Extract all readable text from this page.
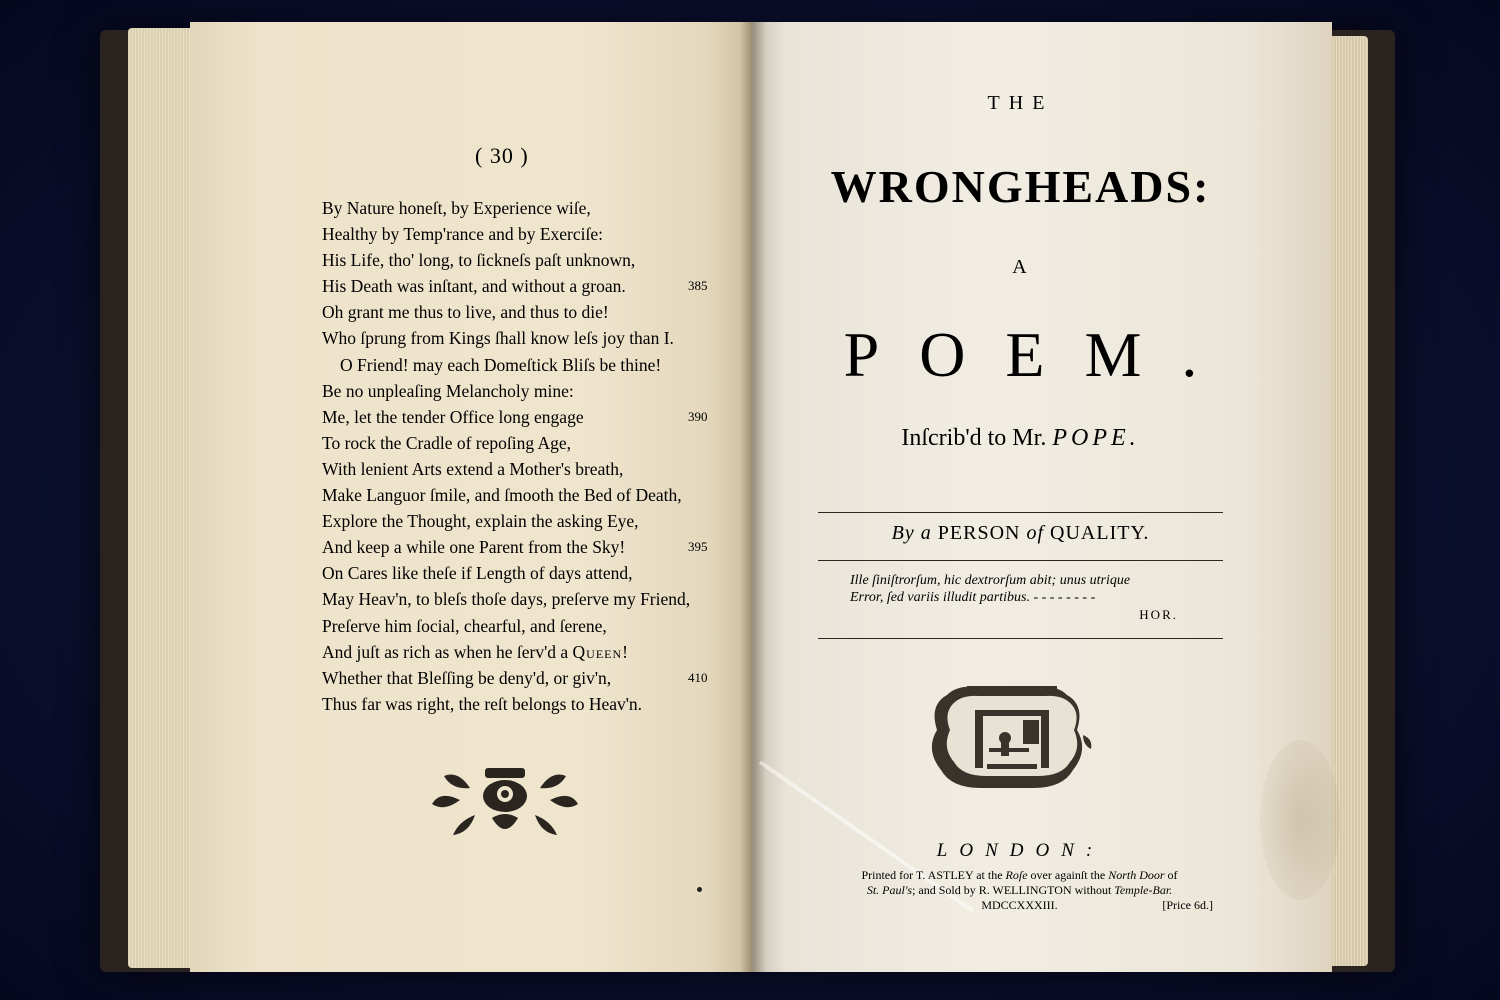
( 30 )
By Nature honeſt, by Experience wiſe,
Healthy by Temp'rance and by Exerciſe:
His Life, tho' long, to ſickneſs paſt unknown,
His Death was inſtant, and without a groan.	385
Oh grant me thus to live, and thus to die!
Who ſprung from Kings ſhall know leſs joy than I.
O Friend! may each Domeſtick Bliſs be thine!
Be no unpleaſing Melancholy mine:
Me, let the tender Office long engage	390
To rock the Cradle of repoſing Age,
With lenient Arts extend a Mother's breath,
Make Languor ſmile, and ſmooth the Bed of Death,
Explore the Thought, explain the asking Eye,
And keep a while one Parent from the Sky!	395
On Cares like theſe if Length of days attend,
May Heav'n, to bleſs thoſe days, preſerve my Friend,
Preſerve him ſocial, chearful, and ſerene,
And juſt as rich as when he ſerv'd a Queen!
Whether that Bleſſing be deny'd, or giv'n,	410
Thus far was right, the reſt belongs to Heav'n.
THE
WRONGHEADS:
A
POEM.
Inſcrib'd to Mr. POPE.
By a PERSON of QUALITY.
Ille ſiniſtrorſum, hic dextrorſum abit; unus utrique
Error, ſed variis illudit partibus. - - - - - - - -
HOR.
LONDON:
Printed for T. ASTLEY at the Roſe over againſt the North Door of
St. Paul's; and Sold by R. WELLINGTON without Temple-Bar.
MDCCXXXIII.	[Price 6d.]
